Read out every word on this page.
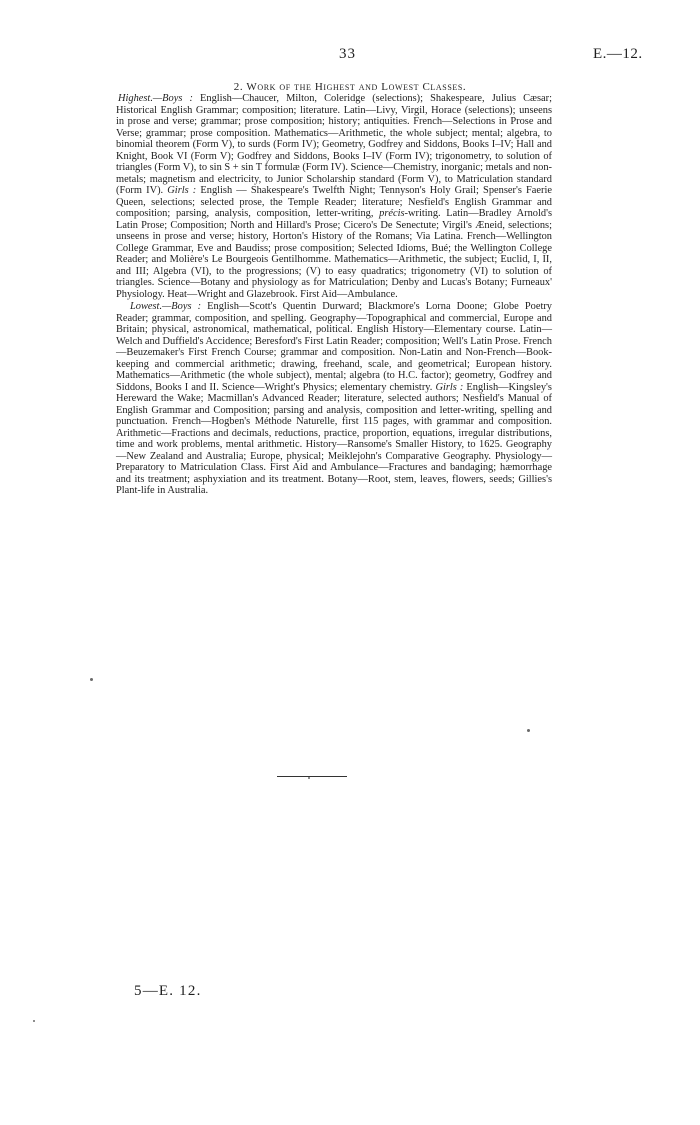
33	E.—12.
2. Work of the Highest and Lowest Classes.

Highest.—Boys : English—Chaucer, Milton, Coleridge (selections); Shakespeare, Julius Cæsar; Historical English Grammar; composition; literature. Latin—Livy, Virgil, Horace (selections); unseens in prose and verse; grammar; prose composition; history; antiquities. French—Selections in Prose and Verse; grammar; prose composition. Mathematics—Arithmetic, the whole subject; mental; algebra, to binomial theorem (Form V), to surds (Form IV); Geometry, Godfrey and Siddons, Books I–IV; Hall and Knight, Book VI (Form V); Godfrey and Siddons, Books I–IV (Form IV); trigonometry, to solution of triangles (Form V), to sin S + sin T formulæ (Form IV). Science—Chemistry, inorganic; metals and non-metals; magnetism and electricity, to Junior Scholarship standard (Form V), to Matriculation standard (Form IV). Girls : English — Shakespeare's Twelfth Night; Tennyson's Holy Grail; Spenser's Faerie Queen, selections; selected prose, the Temple Reader; literature; Nesfield's English Grammar and composition; parsing, analysis, composition, letter-writing, précis-writing. Latin—Bradley Arnold's Latin Prose; Composition; North and Hillard's Prose; Cicero's De Senectute; Virgil's Æneid, selections; unseens in prose and verse; history, Horton's History of the Romans; Via Latina. French—Wellington College Grammar, Eve and Baudiss; prose composition; Selected Idioms, Bué; the Wellington College Reader; and Molière's Le Bourgeois Gentilhomme. Mathematics—Arithmetic, the subject; Euclid, I, II, and III; Algebra (VI), to the progressions; (V) to easy quadratics; trigonometry (VI) to solution of triangles. Science—Botany and physiology as for Matriculation; Denby and Lucas's Botany; Furneaux' Physiology. Heat—Wright and Glazebrook. First Aid—Ambulance.

Lowest.—Boys : English—Scott's Quentin Durward; Blackmore's Lorna Doone; Globe Poetry Reader; grammar, composition, and spelling. Geography—Topographical and commercial, Europe and Britain; physical, astronomical, mathematical, political. English History—Elementary course. Latin—Welch and Duffield's Accidence; Beresford's First Latin Reader; composition; Well's Latin Prose. French—Beuzemaker's First French Course; grammar and composition. Non-Latin and Non-French—Book-keeping and commercial arithmetic; drawing, freehand, scale, and geometrical; European history. Mathematics—Arithmetic (the whole subject), mental; algebra (to H.C. factor); geometry, Godfrey and Siddons, Books I and II. Science—Wright's Physics; elementary chemistry. Girls : English—Kingsley's Hereward the Wake; Macmillan's Advanced Reader; literature, selected authors; Nesfield's Manual of English Grammar and Composition; parsing and analysis, composition and letter-writing, spelling and punctuation. French—Hogben's Méthode Naturelle, first 115 pages, with grammar and composition. Arithmetic—Fractions and decimals, reductions, practice, proportion, equations, irregular distributions, time and work problems, mental arithmetic. History—Ransome's Smaller History, to 1625. Geography—New Zealand and Australia; Europe, physical; Meiklejohn's Comparative Geography. Physiology—Preparatory to Matriculation Class. First Aid and Ambulance—Fractures and bandaging; hæmorrhage and its treatment; asphyxiation and its treatment. Botany—Root, stem, leaves, flowers, seeds; Gillies's Plant-life in Australia.

5—E. 12.
